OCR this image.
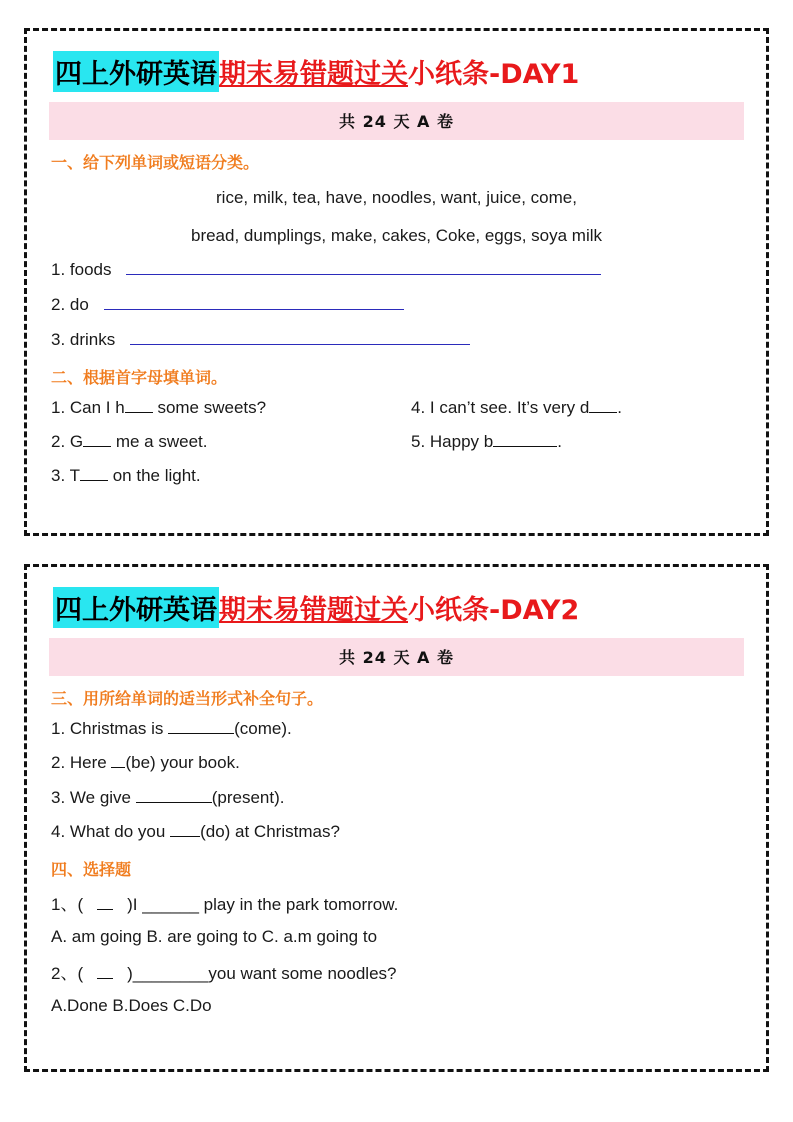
四上外研英语 期末易错题过关 小纸条-DAY1
共 24 天 A 卷
一、给下列单词或短语分类。
rice, milk, tea, have, noodles, want, juice, come,
bread, dumplings, make, cakes, Coke, eggs, soya milk
1. foods
2. do
3. drinks
二、根据首字母填单词。
1. Can I h some sweets?	4. I can’t see. It’s very d .
2. G me a sweet.	5. Happy b	.
3. T on the light.
四上外研英语 期末易错题过关 小纸条-DAY2
共 24 天 A 卷
三、用所给单词的适当形式补全句子。
1. Christmas is	(come).
2. Here (be) your book.
3. We give	(present).
4. What do you (do) at Christmas?
四、选择题
1、(	)I ______ play in the park tomorrow.
A. am going B. are going to C. a.m going to
2、(	)________you want some noodles?
A.Done B.Does C.Do
